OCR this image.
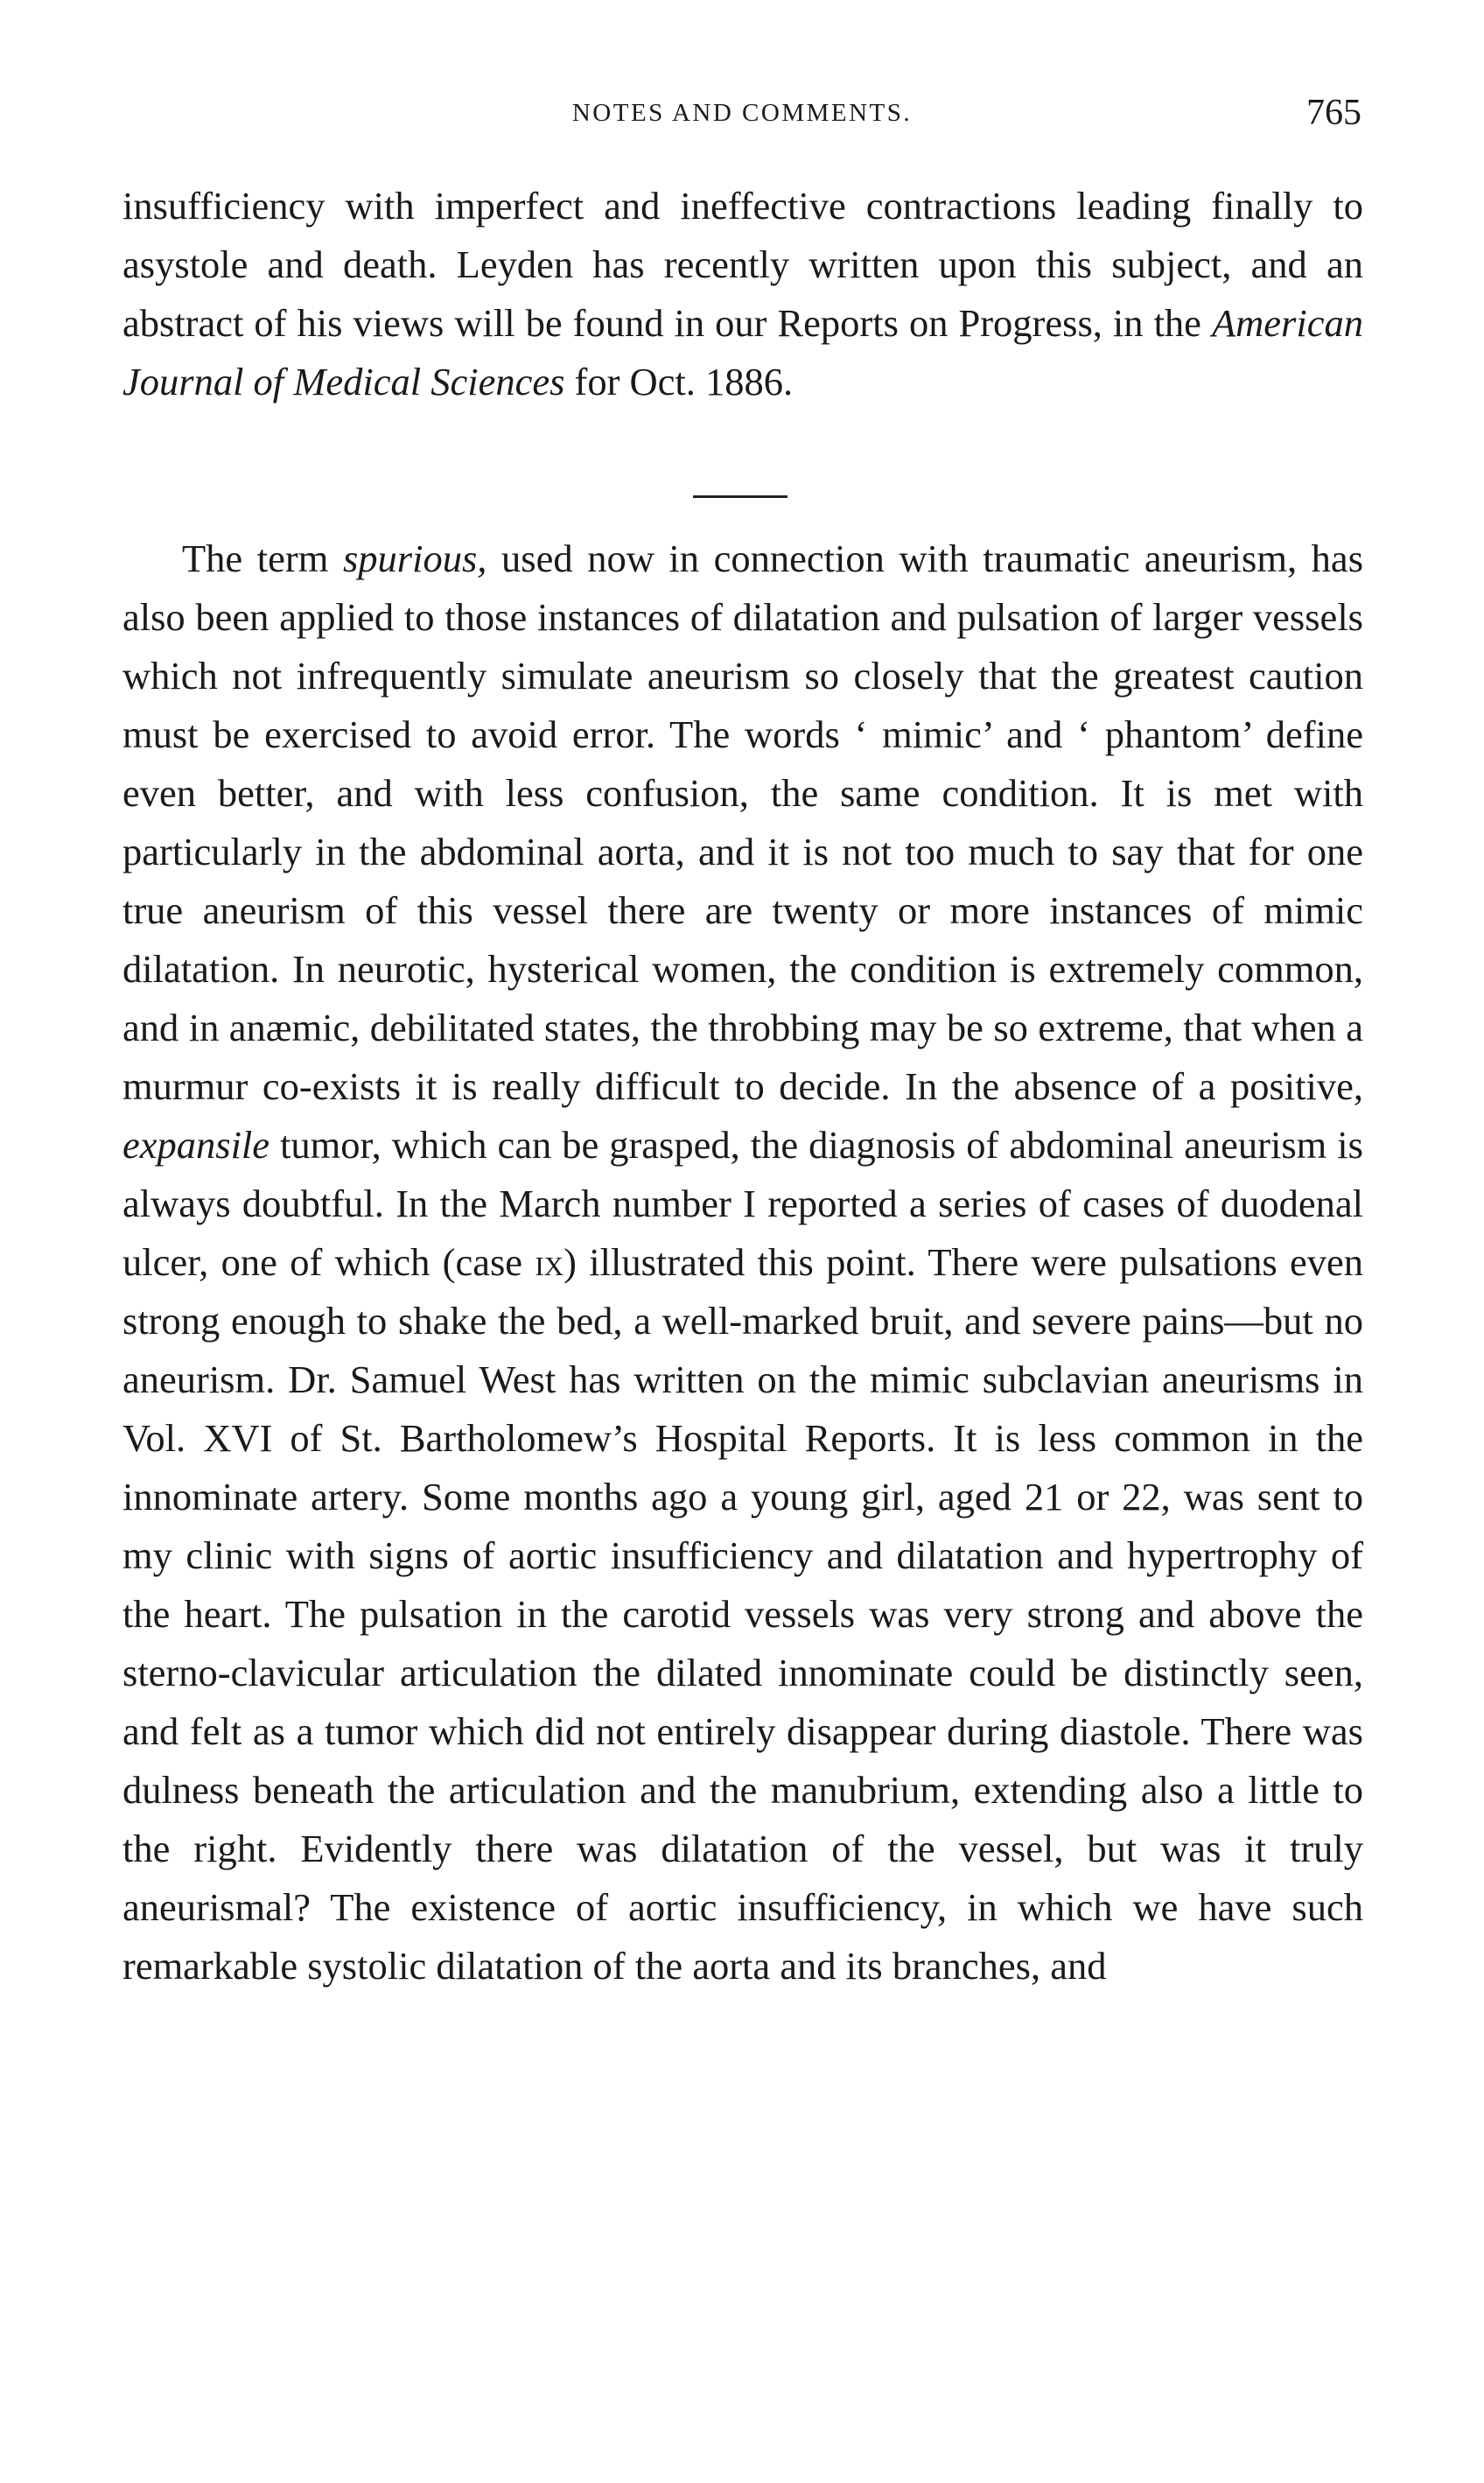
NOTES AND COMMENTS.	765

insufficiency with imperfect and ineffective contractions leading finally to asystole and death. Leyden has recently written upon this subject, and an abstract of his views will be found in our Reports on Progress, in the American Journal of Medical Sciences for Oct. 1886.

The term spurious, used now in connection with traumatic aneurism, has also been applied to those instances of dilatation and pulsation of larger vessels which not infrequently simulate aneurism so closely that the greatest caution must be exercised to avoid error. The words ‘ mimic’ and ‘ phantom’ define even better, and with less confusion, the same condition. It is met with particularly in the abdominal aorta, and it is not too much to say that for one true aneurism of this vessel there are twenty or more instances of mimic dilatation. In neurotic, hysterical women, the condition is extremely common, and in anæmic, debilitated states, the throbbing may be so extreme, that when a murmur co-exists it is really difficult to decide. In the absence of a positive, expansile tumor, which can be grasped, the diagnosis of abdominal aneurism is always doubtful. In the March number I reported a series of cases of duodenal ulcer, one of which (case ix) illustrated this point. There were pulsations even strong enough to shake the bed, a well-marked bruit, and severe pains—but no aneurism. Dr. Samuel West has written on the mimic subclavian aneurisms in Vol. XVI of St. Bartholomew’s Hospital Reports. It is less common in the innominate artery. Some months ago a young girl, aged 21 or 22, was sent to my clinic with signs of aortic insufficiency and dilatation and hypertrophy of the heart. The pulsation in the carotid vessels was very strong and above the sterno-clavicular articulation the dilated innominate could be distinctly seen, and felt as a tumor which did not entirely disappear during diastole. There was dulness beneath the articulation and the manubrium, extending also a little to the right. Evidently there was dilatation of the vessel, but was it truly aneurismal? The existence of aortic insufficiency, in which we have such remarkable systolic dilatation of the aorta and its branches, and
